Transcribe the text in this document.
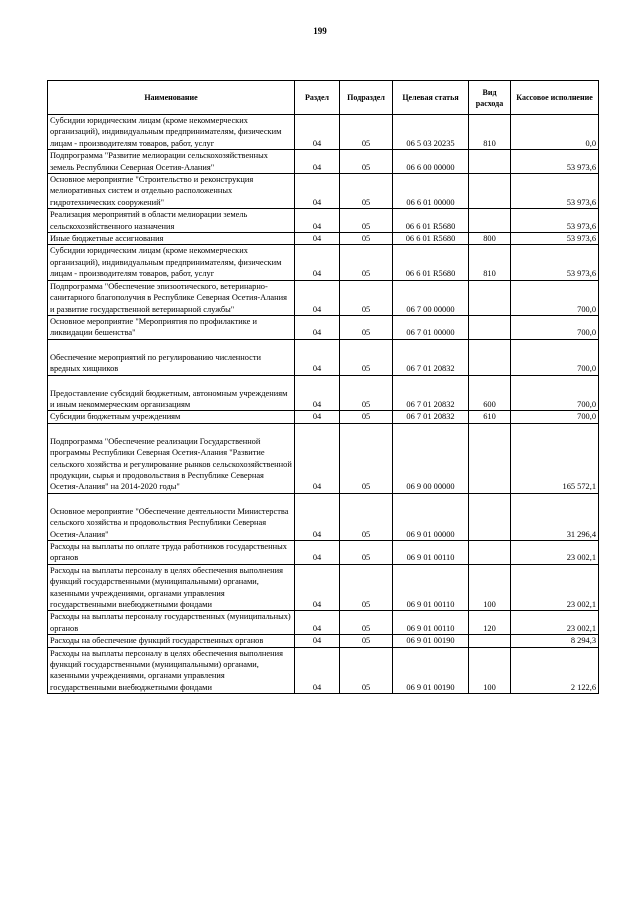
199
Наименование	Раздел	Подраздел	Целевая статья	Вид расхода	Кассовое исполнение
Субсидии юридическим лицам (кроме некоммерческих организаций), индивидуальным предпринимателям, физическим лицам - производителям товаров, работ, услуг	04	05	06 5 03 20235	810	0,0
Подпрограмма "Развитие мелиорации сельскохозяйственных земель Республики Северная Осетия-Алания"	04	05	06 6 00 00000		53 973,6
Основное мероприятие "Строительство и реконструкция мелиоративных систем и отдельно расположенных гидротехнических сооружений"	04	05	06 6 01 00000		53 973,6
Реализация мероприятий в области мелиорации земель сельскохозяйственного назначения	04	05	06 6 01 R5680		53 973,6
Иные бюджетные ассигнования	04	05	06 6 01 R5680	800	53 973,6
Субсидии юридическим лицам (кроме некоммерческих организаций), индивидуальным предпринимателям, физическим лицам - производителям товаров, работ, услуг	04	05	06 6 01 R5680	810	53 973,6
Подпрограмма "Обеспечение эпизоотического, ветеринарно-санитарного благополучия в Республике Северная Осетия-Алания и развитие государственной ветеринарной службы"	04	05	06 7 00 00000		700,0
Основное мероприятие "Мероприятия по профилактике и ликвидации бешенства"	04	05	06 7 01 00000		700,0
Обеспечение мероприятий по регулированию численности вредных хищников	04	05	06 7 01 20832		700,0
Предоставление субсидий бюджетным, автономным учреждениям и иным некоммерческим организациям	04	05	06 7 01 20832	600	700,0
Субсидии бюджетным учреждениям	04	05	06 7 01 20832	610	700,0
Подпрограмма "Обеспечение реализации Государственной программы Республики Северная Осетия-Алания "Развитие сельского хозяйства и регулирование рынков сельскохозяйственной продукции, сырья и продовольствия в Республике Северная Осетия-Алания" на 2014-2020 годы"	04	05	06 9 00 00000		165 572,1
Основное мероприятие "Обеспечение деятельности Министерства сельского хозяйства и продовольствия Республики Северная Осетия-Алания"	04	05	06 9 01 00000		31 296,4
Расходы на выплаты по оплате труда работников государственных органов	04	05	06 9 01 00110		23 002,1
Расходы на выплаты персоналу в целях обеспечения выполнения функций государственными (муниципальными) органами, казенными учреждениями, органами управления государственными внебюджетными фондами	04	05	06 9 01 00110	100	23 002,1
Расходы на выплаты персоналу государственных (муниципальных) органов	04	05	06 9 01 00110	120	23 002,1
Расходы на обеспечение функций государственных органов	04	05	06 9 01 00190		8 294,3
Расходы на выплаты персоналу в целях обеспечения выполнения функций государственными (муниципальными) органами, казенными учреждениями, органами управления государственными внебюджетными фондами	04	05	06 9 01 00190	100	2 122,6
